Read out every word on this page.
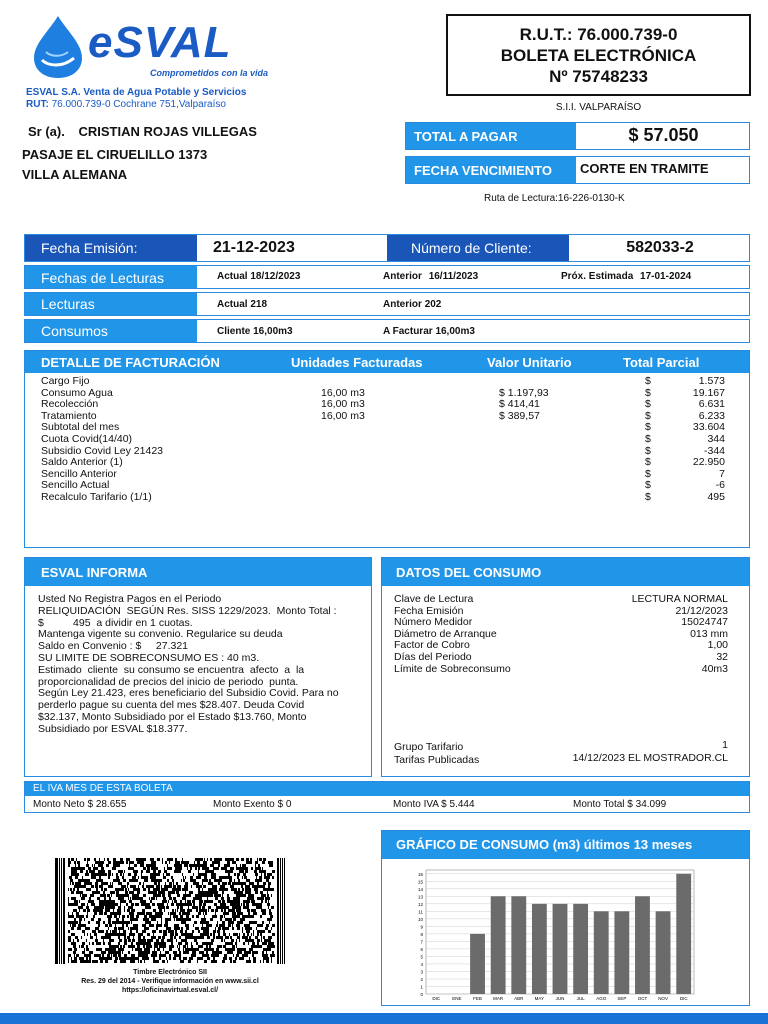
eSVAL
Comprometidos con la vida
ESVAL S.A. Venta de Agua Potable y Servicios
RUT: 76.000.739-0 Cochrane 751,Valparaíso
R.U.T.: 76.000.739-0
BOLETA ELECTRÓNICA
Nº 75748233
S.I.I. VALPARAÍSO
Sr (a). CRISTIAN ROJAS VILLEGAS
PASAJE EL CIRUELILLO 1373
VILLA ALEMANA
TOTAL A PAGAR	$ 57.050
FECHA VENCIMIENTO	CORTE EN TRAMITE
Ruta de Lectura:16-226-0130-K
Fecha Emisión:	21-12-2023	Número de Cliente:	582033-2
Fechas de Lecturas	Actual 18/12/2023	Anterior 16/11/2023	Próx. Estimada 17-01-2024
Lecturas	Actual 218	Anterior 202
Consumos	Cliente 16,00m3	A Facturar 16,00m3
DETALLE DE FACTURACIÓN	Unidades Facturadas	Valor Unitario	Total Parcial
Cargo Fijo	$	1.573
Consumo Agua	16,00 m3	$ 1.197,93	$	19.167
Recolección	16,00 m3	$ 414,41	$	6.631
Tratamiento	16,00 m3	$ 389,57	$	6.233
Subtotal del mes	$	33.604
Cuota Covid(14/40)	$	344
Subsidio Covid Ley 21423	$	-344
Saldo Anterior (1)	$	22.950
Sencillo Anterior	$	7
Sencillo Actual	$	-6
Recalculo Tarifario (1/1)	$	495
ESVAL INFORMA
Usted No Registra Pagos en el Periodo
RELIQUIDACIÓN  SEGÚN Res. SISS 1229/2023.  Monto Total :
$          495  a dividir en 1 cuotas.
Mantenga vigente su convenio. Regularice su deuda
Saldo en Convenio : $     27.321
SU LIMITE DE SOBRECONSUMO ES : 40 m3.
Estimado  cliente  su consumo se encuentra  afecto  a  la
proporcionalidad de precios del inicio de periodo  punta.
Según Ley 21.423, eres beneficiario del Subsidio Covid. Para no
perderlo pague su cuenta del mes $28.407. Deuda Covid
$32.137, Monto Subsidiado por el Estado $13.760, Monto
Subsidiado por ESVAL $18.377.
DATOS DEL CONSUMO
Clave de Lectura	LECTURA NORMAL
Fecha Emisión	21/12/2023
Número Medidor	15024747
Diámetro de Arranque	013 mm
Factor de Cobro	1,00
Días del Periodo	32
Límite de Sobreconsumo	40m3
Grupo Tarifario	1
Tarifas Publicadas	14/12/2023 EL MOSTRADOR.CL
EL IVA MES DE ESTA BOLETA
Monto Neto $ 28.655	Monto Exento $ 0	Monto IVA $ 5.444	Monto Total $ 34.099
Timbre Electrónico SII
Res. 29 del 2014 - Verifique información en www.sii.cl
https://oficinavirtual.esval.cl/
GRÁFICO DE CONSUMO (m3) últimos 13 meses
0
1
2
3
4
5
6
7
8
9
10
11
12
13
14
15
16
DIC	ENE	FEB MAR ABR	MAY	JUN	JUL	AGO SEP	OCT NOV	DIC
